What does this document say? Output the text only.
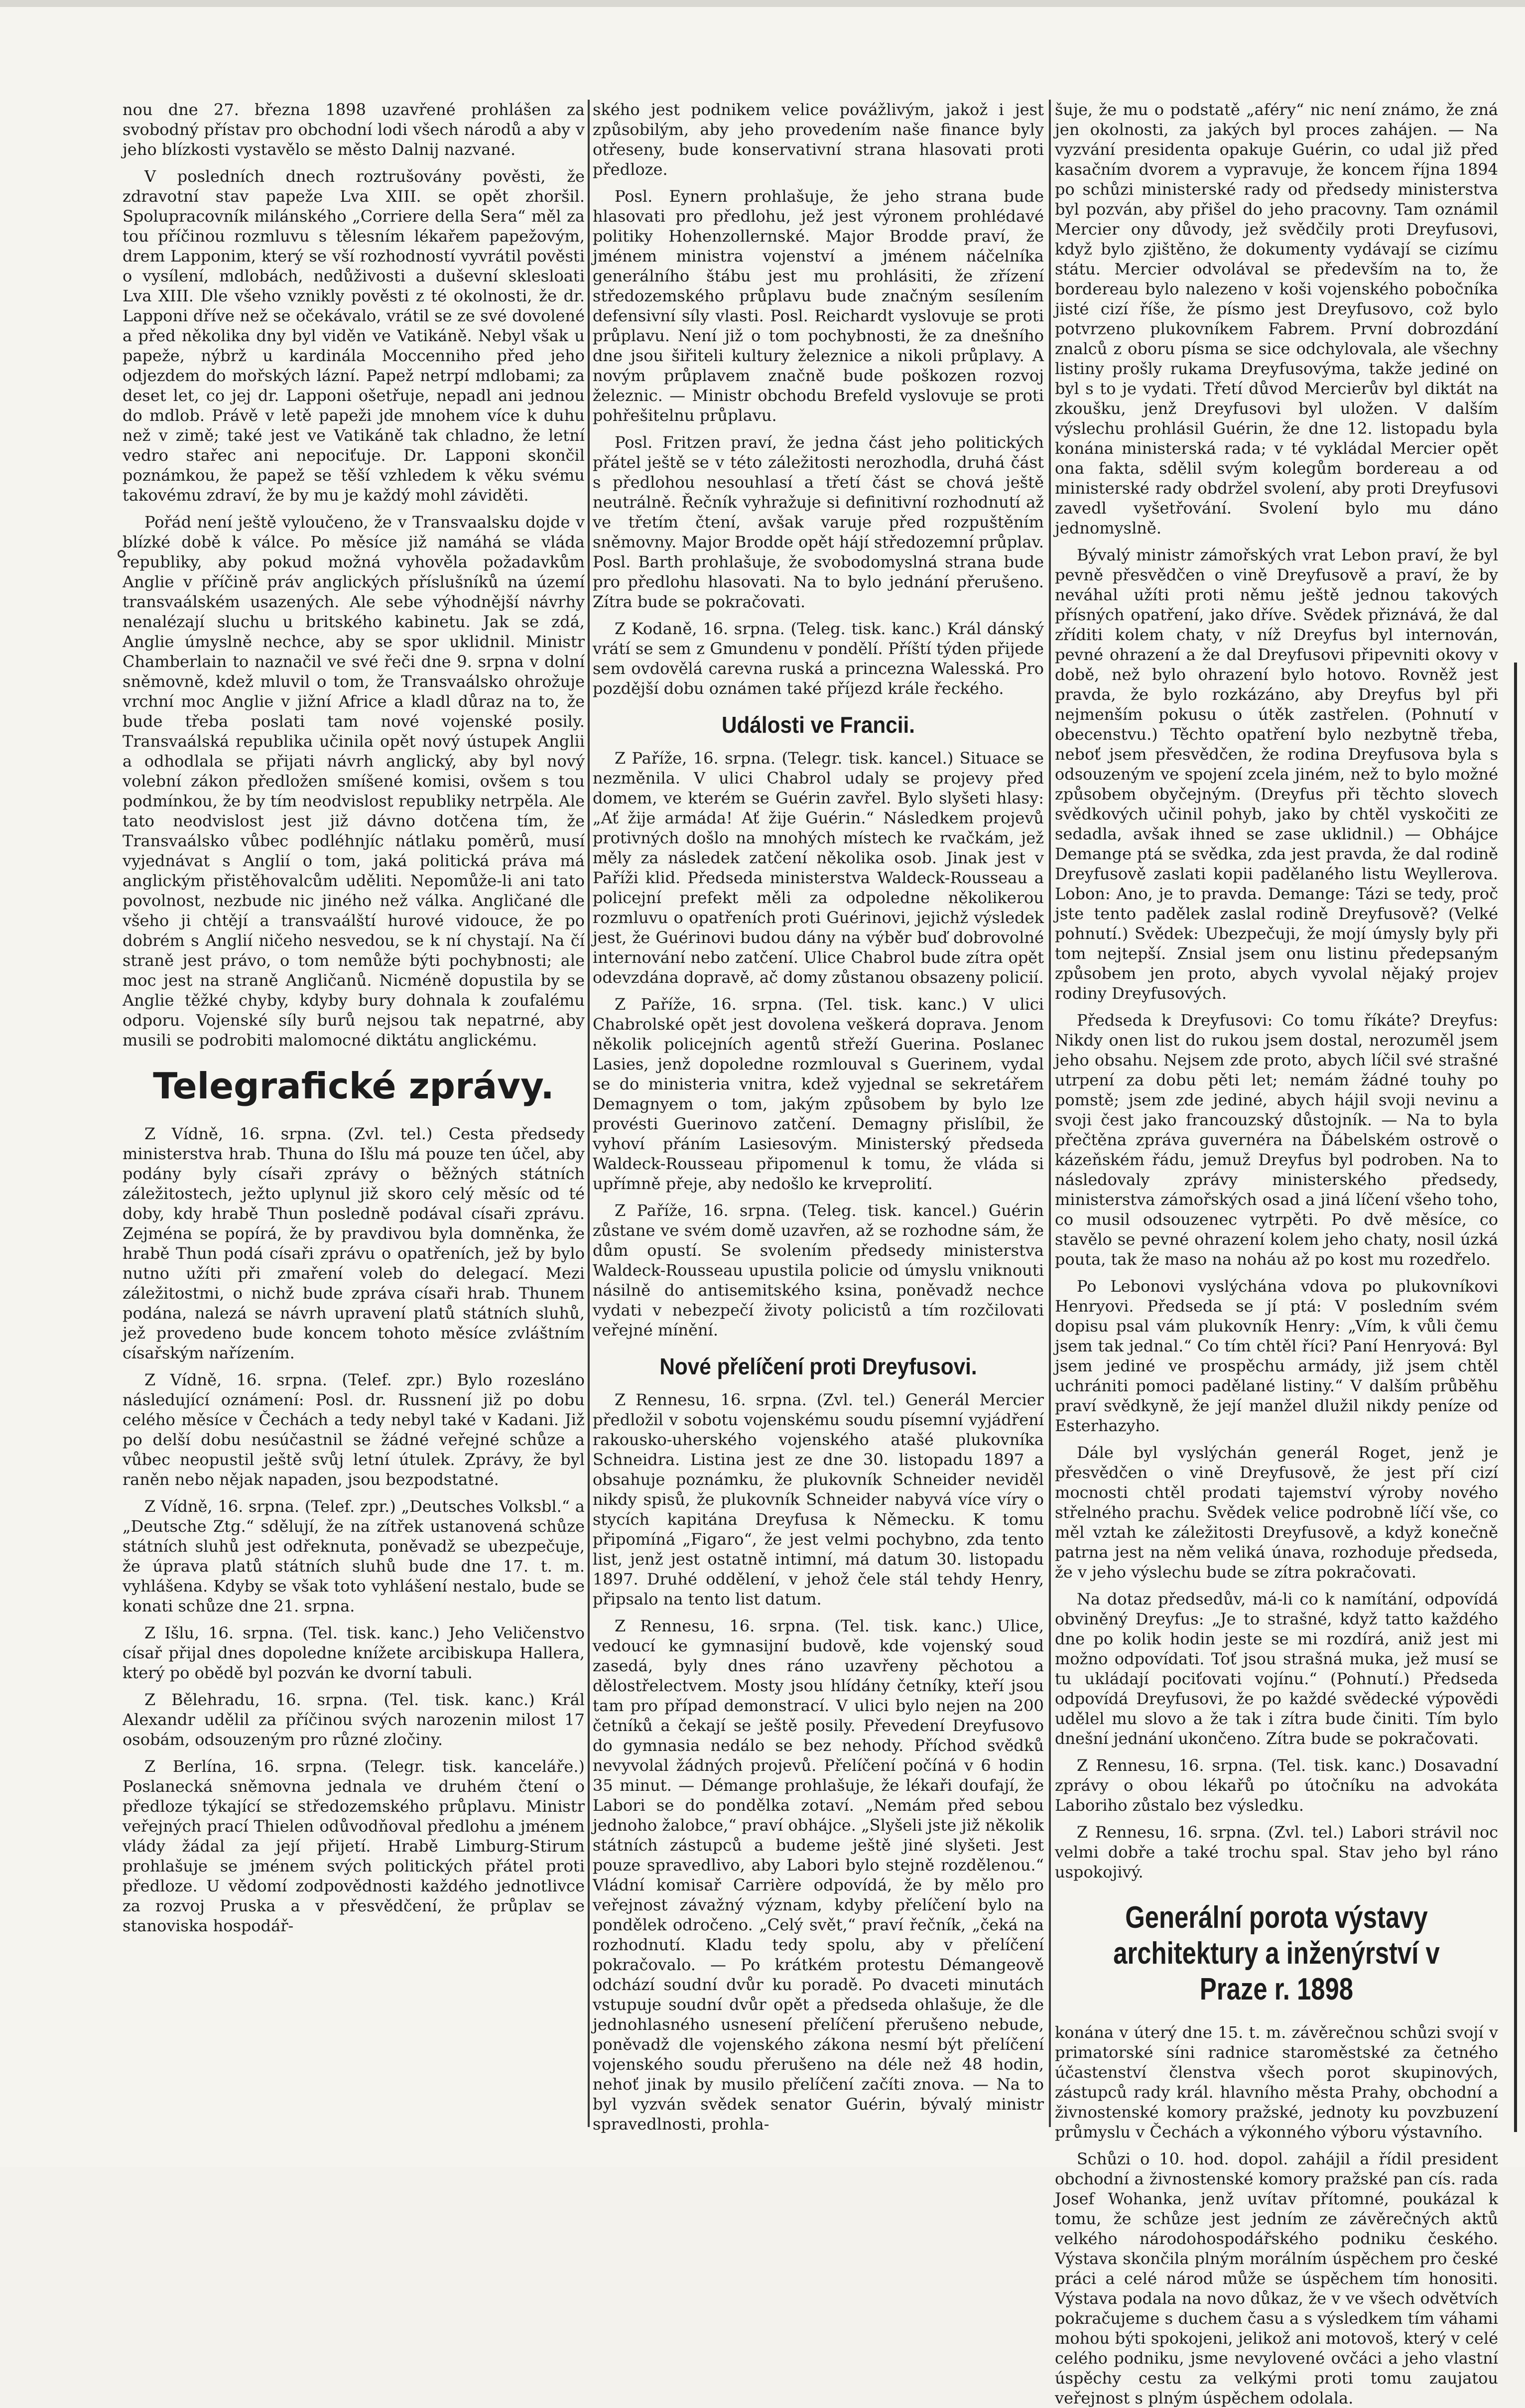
nou dne 27. března 1898 uzavřené prohlášen za svobodný přístav pro obchodní lodi všech národů a aby v jeho blízkosti vystavělo se město Dalnij nazvané.

V posledních dnech roztrušovány pověsti, že zdravotní stav papeže Lva XIII. se opět zhoršil. Spolupracovník milánského „Corriere della Sera“ měl za tou příčinou rozmluvu s tělesním lékařem papežovým, drem Lapponim, který se vší rozhodností vyvrátil pověsti o vysílení, mdlobách, nedůživosti a duševní sklesloati Lva XIII. Dle všeho vznikly pověsti z té okolnosti, že dr. Lapponi dříve než se očekávalo, vrátil se ze své dovolené a před několika dny byl viděn ve Vatikáně. Nebyl však u papeže, nýbrž u kardinála Moccenniho před jeho odjezdem do mořských lázní. Papež netrpí mdlobami; za deset let, co jej dr. Lapponi ošetřuje, nepadl ani jednou do mdlob. Právě v letě papeži jde mnohem více k duhu než v zimě; také jest ve Vatikáně tak chladno, že letní vedro stařec ani nepociťuje. Dr. Lapponi skončil poznámkou, že papež se těší vzhledem k věku svému takovému zdraví, že by mu je každý mohl záviděti.

Pořád není ještě vyloučeno, že v Transvaalsku dojde v blízké době k válce. Po měsíce již namáhá se vláda republiky, aby pokud možná vyhověla požadavkům Anglie v příčině práv anglických příslušníků na území transvaálském usazených. Ale sebe výhodnější návrhy nenalézají sluchu u britského kabinetu. Jak se zdá, Anglie úmyslně nechce, aby se spor uklidnil. Ministr Chamberlain to naznačil ve své řeči dne 9. srpna v dolní sněmovně, kdež mluvil o tom, že Transvaálsko ohrožuje vrchní moc Anglie v jižní Africe a kladl důraz na to, že bude třeba poslati tam nové vojenské posily. Transvaálská republika učinila opět nový ústupek Anglii a odhodlala se přijati návrh anglický, aby byl nový volební zákon předložen smíšené komisi, ovšem s tou podmínkou, že by tím neodvislost republiky netrpěla. Ale tato neodvislost jest již dávno dotčena tím, že Transvaálsko vůbec podléhnjíc nátlaku poměrů, musí vyjednávat s Anglií o tom, jaká politická práva má anglickým přistěhovalcům uděliti. Nepomůže-li ani tato povolnost, nezbude nic jiného než válka. Angličané dle všeho ji chtějí a transvaálští hurové vidouce, že po dobrém s Anglií ničeho nesvedou, se k ní chystají. Na čí straně jest právo, o tom nemůže býti pochybnosti; ale moc jest na straně Angličanů. Nicméně dopustila by se Anglie těžké chyby, kdyby bury dohnala k zoufalému odporu. Vojenské síly burů nejsou tak nepatrné, aby musili se podrobiti malomocné diktátu anglickému.

Telegrafické zprávy.

Z Vídně, 16. srpna. (Zvl. tel.) Cesta předsedy ministerstva hrab. Thuna do Išlu má pouze ten účel, aby podány byly císaři zprávy o běžných státních záležitostech, ježto uplynul již skoro celý měsíc od té doby, kdy hrabě Thun posledně podával císaři zprávu. Zejména se popírá, že by pravdivou byla domněnka, že hrabě Thun podá císaři zprávu o opatřeních, jež by bylo nutno užíti při zmaření voleb do delegací. Mezi záležitostmi, o nichž bude zpráva císaři hrab. Thunem podána, nalezá se návrh upravení platů státních sluhů, jež provedeno bude koncem tohoto měsíce zvláštním císařským nařízením.

Z Vídně, 16. srpna. (Telef. zpr.) Bylo rozesláno následující oznámení: Posl. dr. Russnení již po dobu celého měsíce v Čechách a tedy nebyl také v Kadani. Již po delší dobu nesúčastnil se žádné veřejné schůze a vůbec neopustil ještě svůj letní útulek. Zprávy, že byl raněn nebo nějak napaden, jsou bezpodstatné.

Z Vídně, 16. srpna. (Telef. zpr.) „Deutsches Volksbl.“ a „Deutsche Ztg.“ sdělují, že na zítřek ustanovená schůze státních sluhů jest odřeknuta, poněvadž se ubezpečuje, že úprava platů státních sluhů bude dne 17. t. m. vyhlášena. Kdyby se však toto vyhlášení nestalo, bude se konati schůze dne 21. srpna.

Z Išlu, 16. srpna. (Tel. tisk. kanc.) Jeho Veličenstvo císař přijal dnes dopoledne knížete arcibiskupa Hallera, který po obědě byl pozván ke dvorní tabuli.

Z Bělehradu, 16. srpna. (Tel. tisk. kanc.) Král Alexandr udělil za příčinou svých narozenin milost 17 osobám, odsouzeným pro různé zločiny.

Z Berlína, 16. srpna. (Telegr. tisk. kanceláře.) Poslanecká sněmovna jednala ve druhém čtení o předloze týkající se středozemského průplavu. Ministr veřejných prací Thielen odůvodňoval předlohu a jménem vlády žádal za její přijetí. Hrabě Limburg-Stirum prohlašuje se jménem svých politických přátel proti předloze. U vědomí zodpovědnosti každého jednotlivce za rozvoj Pruska a v přesvědčení, že průplav se stanoviska hospodář-

ského jest podnikem velice povážlivým, jakož i jest způsobilým, aby jeho provedením naše finance byly otřeseny, bude konservativní strana hlasovati proti předloze.

Posl. Eynern prohlašuje, že jeho strana bude hlasovati pro předlohu, jež jest výronem prohlédavé politiky Hohenzollernské. Major Brodde praví, že jménem ministra vojenství a jménem náčelníka generálního štábu jest mu prohlásiti, že zřízení středozemského průplavu bude značným sesílením defensivní síly vlasti. Posl. Reichardt vyslovuje se proti průplavu. Není již o tom pochybnosti, že za dnešního dne jsou šiřiteli kultury železnice a nikoli průplavy. A novým průplavem značně bude poškozen rozvoj železnic. — Ministr obchodu Brefeld vyslovuje se proti pohřešitelnu průplavu.

Posl. Fritzen praví, že jedna část jeho politických přátel ještě se v této záležitosti nerozhodla, druhá část s předlohou nesouhlasí a třetí část se chová ještě neutrálně. Řečník vyhražuje si definitivní rozhodnutí až ve třetím čtení, avšak varuje před rozpuštěním sněmovny. Major Brodde opět hájí středozemní průplav. Posl. Barth prohlašuje, že svobodomyslná strana bude pro předlohu hlasovati. Na to bylo jednání přerušeno. Zítra bude se pokračovati.

Z Kodaně, 16. srpna. (Teleg. tisk. kanc.) Král dánský vrátí se sem z Gmundenu v pondělí. Příští týden přijede sem ovdovělá carevna ruská a princezna Walesská. Pro pozdější dobu oznámen také příjezd krále řeckého.

Události ve Francii.

Z Paříže, 16. srpna. (Telegr. tisk. kancel.) Situace se nezměnila. V ulici Chabrol udaly se projevy před domem, ve kterém se Guérin zavřel. Bylo slyšeti hlasy: „Ať žije armáda! Ať žije Guérin.“ Následkem projevů protivných došlo na mnohých místech ke rvačkám, jež měly za následek zatčení několika osob. Jinak jest v Paříži klid. Předseda ministerstva Waldeck-Rousseau a policejní prefekt měli za odpoledne několikerou rozmluvu o opatřeních proti Guérinovi, jejichž výsledek jest, že Guérinovi budou dány na výběr buď dobrovolné internování nebo zatčení. Ulice Chabrol bude zítra opět odevzdána dopravě, ač domy zůstanou obsazeny policií.

Z Paříže, 16. srpna. (Tel. tisk. kanc.) V ulici Chabrolské opět jest dovolena veškerá doprava. Jenom několik policejních agentů střeží Guerina. Poslanec Lasies, jenž dopoledne rozmlouval s Guerinem, vydal se do ministeria vnitra, kdež vyjednal se sekretářem Demagnyem o tom, jakým způsobem by bylo lze provésti Guerinovo zatčení. Demagny přislíbil, že vyhoví přáním Lasiesovým. Ministerský předseda Waldeck-Rousseau připomenul k tomu, že vláda si upřímně přeje, aby nedošlo ke krveprolití.

Z Paříže, 16. srpna. (Teleg. tisk. kancel.) Guérin zůstane ve svém domě uzavřen, až se rozhodne sám, že dům opustí. Se svolením předsedy ministerstva Waldeck-Rousseau upustila policie od úmyslu vniknouti násilně do antisemitského ksina, poněvadž nechce vydati v nebezpečí životy policistů a tím rozčilovati veřejné mínění.

Nové přelíčení proti Dreyfusovi.

Z Rennesu, 16. srpna. (Zvl. tel.) Generál Mercier předložil v sobotu vojenskému soudu písemní vyjádření rakousko-uherského vojenského atašé plukovníka Schneidra. Listina jest ze dne 30. listopadu 1897 a obsahuje poznámku, že plukovník Schneider neviděl nikdy spisů, že plukovník Schneider nabyvá více víry o stycích kapitána Dreyfusa k Německu. K tomu připomíná „Figaro“, že jest velmi pochybno, zda tento list, jenž jest ostatně intimní, má datum 30. listopadu 1897. Druhé oddělení, v jehož čele stál tehdy Henry, připsalo na tento list datum.

Z Rennesu, 16. srpna. (Tel. tisk. kanc.) Ulice, vedoucí ke gymnasijní budově, kde vojenský soud zasedá, byly dnes ráno uzavřeny pěchotou a dělostřelectvem. Mosty jsou hlídány četníky, kteří jsou tam pro případ demonstrací. V ulici bylo nejen na 200 četníků a čekají se ještě posily. Převedení Dreyfusovo do gymnasia nedálo se bez nehody. Příchod svědků nevyvolal žádných projevů. Přelíčení počíná v 6 hodin 35 minut. — Démange prohlašuje, že lékaři doufají, že Labori se do pondělka zotaví. „Nemám před sebou jednoho žalobce,“ praví obhájce. „Slyšeli jste již několik státních zástupců a budeme ještě jiné slyšeti. Jest pouze spravedlivo, aby Labori bylo stejně rozdělenou.“ Vládní komisař Carrière odpovídá, že by mělo pro veřejnost závažný význam, kdyby přelíčení bylo na pondělek odročeno. „Celý svět,“ praví řečník, „čeká na rozhodnutí. Kladu tedy spolu, aby v přelíčení pokračovalo. — Po krátkém protestu Démangeově odchází soudní dvůr ku poradě. Po dvaceti minutách vstupuje soudní dvůr opět a předseda ohlašuje, že dle jednohlasného usnesení přelíčení přerušeno nebude, poněvadž dle vojenského zákona nesmí být přelíčení vojenského soudu přerušeno na déle než 48 hodin, nehoť jinak by musilo přelíčení začíti znova. — Na to byl vyzván svědek senator Guérin, bývalý ministr spravedlnosti, prohla-

šuje, že mu o podstatě „aféry“ nic není známo, že zná jen okolnosti, za jakých byl proces zahájen. — Na vyzvání presidenta opakuje Guérin, co udal již před kasačním dvorem a vypravuje, že koncem října 1894 po schůzi ministerské rady od předsedy ministerstva byl pozván, aby přišel do jeho pracovny. Tam oznámil Mercier ony důvody, jež svědčily proti Dreyfusovi, když bylo zjištěno, že dokumenty vydávají se cizímu státu. Mercier odvolával se především na to, že bordereau bylo nalezeno v koši vojenského pobočníka jisté cizí říše, že písmo jest Dreyfusovo, což bylo potvrzeno plukovníkem Fabrem. První dobrozdání znalců z oboru písma se sice odchylovala, ale všechny listiny prošly rukama Dreyfusovýma, takže jediné on byl s to je vydati. Třetí důvod Mercierův byl diktát na zkoušku, jenž Dreyfusovi byl uložen. V dalším výslechu prohlásil Guérin, že dne 12. listopadu byla konána ministerská rada; v té vykládal Mercier opět ona fakta, sdělil svým kolegům bordereau a od ministerské rady obdržel svolení, aby proti Dreyfusovi zavedl vyšetřování. Svolení bylo mu dáno jednomyslně.

Bývalý ministr zámořských vrat Lebon praví, že byl pevně přesvědčen o vině Dreyfusově a praví, že by neváhal užíti proti němu ještě jednou takových přísných opatření, jako dříve. Svědek přiznává, že dal zříditi kolem chaty, v níž Dreyfus byl internován, pevné ohrazení a že dal Dreyfusovi připevniti okovy v době, než bylo ohrazení bylo hotovo. Rovněž jest pravda, že bylo rozkázáno, aby Dreyfus byl při nejmenším pokusu o útěk zastřelen. (Pohnutí v obecenstvu.) Těchto opatření bylo nezbytně třeba, neboť jsem přesvědčen, že rodina Dreyfusova byla s odsouzeným ve spojení zcela jiném, než to bylo možné způsobem obyčejným. (Dreyfus při těchto slovech svědkových učinil pohyb, jako by chtěl vyskočiti ze sedadla, avšak ihned se zase uklidnil.) — Obhájce Demange ptá se svědka, zda jest pravda, že dal rodině Dreyfusově zaslati kopii padělaného listu Weyllerova. Lobon: Ano, je to pravda. Demange: Tázi se tedy, proč jste tento padělek zaslal rodině Dreyfusově? (Velké pohnutí.) Svědek: Ubezpečuji, že mojí úmysly byly při tom nejtepší. Znsial jsem onu listinu předepsaným způsobem jen proto, abych vyvolal nějaký projev rodiny Dreyfusových.

Předseda k Dreyfusovi: Co tomu říkáte? Dreyfus: Nikdy onen list do rukou jsem dostal, nerozuměl jsem jeho obsahu. Nejsem zde proto, abych líčil své strašné utrpení za dobu pěti let; nemám žádné touhy po pomstě; jsem zde jediné, abych hájil svoji nevinu a svoji čest jako francouzský důstojník. — Na to byla přečtěna zpráva guvernéra na Ďábelském ostrově o kázeňském řádu, jemuž Dreyfus byl podroben. Na to následovaly zprávy ministerského předsedy, ministerstva zámořských osad a jiná líčení všeho toho, co musil odsouzenec vytrpěti. Po dvě měsíce, co stavělo se pevné ohrazení kolem jeho chaty, nosil úzká pouta, tak že maso na noháu až po kost mu rozedřelo.

Po Lebonovi vyslýchána vdova po plukovníkovi Henryovi. Předseda se jí ptá: V posledním svém dopisu psal vám plukovník Henry: „Vím, k vůli čemu jsem tak jednal.“ Co tím chtěl říci? Paní Henryová: Byl jsem jediné ve prospěchu armády, již jsem chtěl uchrániti pomoci padělané listiny.“ V dalším průběhu praví svědkyně, že její manžel dlužil nikdy peníze od Esterhazyho.

Dále byl vyslýchán generál Roget, jenž je přesvědčen o vině Dreyfusově, že jest pří cizí mocnosti chtěl prodati tajemství výroby nového střelného prachu. Svědek velice podrobně líčí vše, co měl vztah ke záležitosti Dreyfusově, a když konečně patrna jest na něm veliká únava, rozhoduje předseda, že v jeho výslechu bude se zítra pokračovati.

Na dotaz předsedův, má-li co k namítání, odpovídá obviněný Dreyfus: „Je to strašné, když tatto každého dne po kolik hodin jeste se mi rozdírá, aniž jest mi možno odpovídati. Toť jsou strašná muka, jež musí se tu ukládají pociťovati vojínu.“ (Pohnutí.) Předseda odpovídá Dreyfusovi, že po každé svědecké výpovědi udělel mu slovo a že tak i zítra bude činiti. Tím bylo dnešní jednání ukončeno. Zítra bude se pokračovati.

Z Rennesu, 16. srpna. (Tel. tisk. kanc.) Dosavadní zprávy o obou lékařů po útočníku na advokáta Laboriho zůstalo bez výsledku.

Z Rennesu, 16. srpna. (Zvl. tel.) Labori strávil noc velmi dobře a také trochu spal. Stav jeho byl ráno uspokojivý.

Generální porota výstavy architektury a inženýrství v Praze r. 1898

konána v úterý dne 15. t. m. závěrečnou schůzi svojí v primatorské síni radnice staroměstské za četného účastenství členstva všech porot skupinových, zástupců rady král. hlavního města Prahy, obchodní a živnostenské komory pražské, jednoty ku povzbuzení průmyslu v Čechách a výkonného výboru výstavního.

Schůzi o 10. hod. dopol. zahájil a řídil president obchodní a živnostenské komory pražské pan cís. rada Josef Wohanka, jenž uvítav přítomné, poukázal k tomu, že schůze jest jedním ze závěrečných aktů velkého národohospodářského podniku českého. Výstava skončila plným morálním úspěchem pro české práci a celé národ může se úspěchem tím honositi. Výstava podala na novo důkaz, že v ve všech odvětvích pokračujeme s duchem času a s výsledkem tím váhami mohou býti spokojeni, jelikož ani motovoš, který v celé celého podniku, jsme nevylovené ovčáci a jeho vlastní úspěchy cestu za velkými proti tomu zaujatou veřejnost s plným úspěchem odolala.
